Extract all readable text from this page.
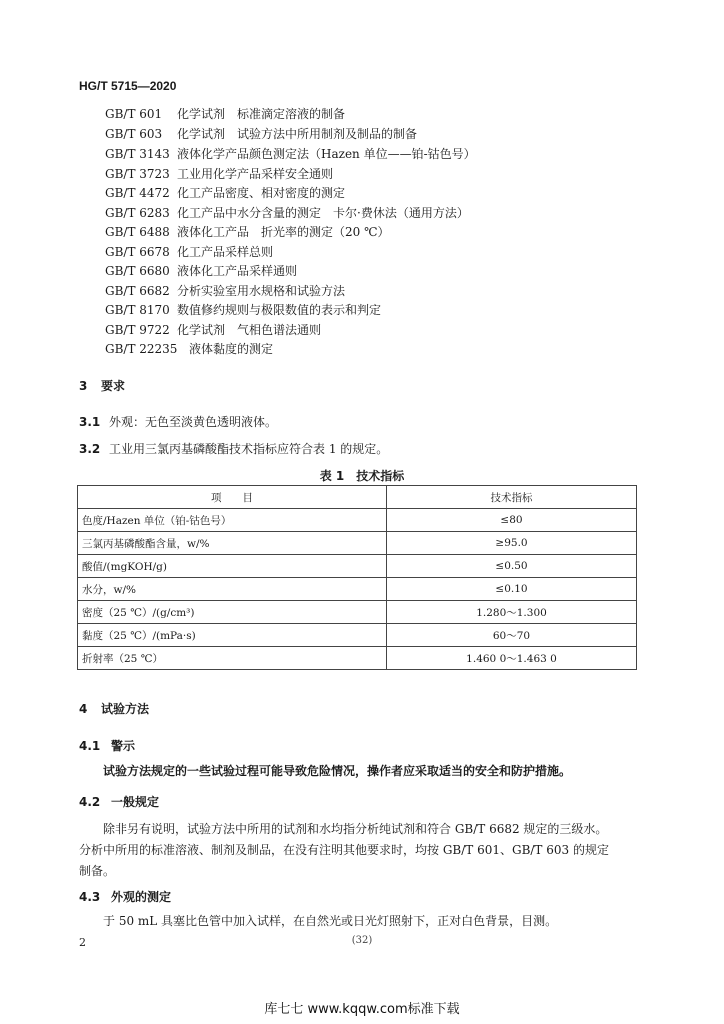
HG/T 5715—2020
GB/T 601 化学试剂　标准滴定溶液的制备
GB/T 603 化学试剂　试验方法中所用制剂及制品的制备
GB/T 3143 液体化学产品颜色测定法（Hazen 单位——铂-钴色号）
GB/T 3723 工业用化学产品采样安全通则
GB/T 4472 化工产品密度、相对密度的测定
GB/T 6283 化工产品中水分含量的测定　卡尔·费休法（通用方法）
GB/T 6488 液体化工产品　折光率的测定（20 ℃）
GB/T 6678 化工产品采样总则
GB/T 6680 液体化工产品采样通则
GB/T 6682 分析实验室用水规格和试验方法
GB/T 8170 数值修约规则与极限数值的表示和判定
GB/T 9722 化学试剂　气相色谱法通则
GB/T 22235 液体黏度的测定
3 要求
3.1 外观：无色至淡黄色透明液体。
3.2 工业用三氯丙基磷酸酯技术指标应符合表 1 的规定。
表 1　技术指标
项　　目	技术指标
色度/Hazen 单位（铂-钴色号）	≤80
三氯丙基磷酸酯含量，w/%	≥95.0
酸值/(mgKOH/g)	≤0.50
水分，w/%	≤0.10
密度（25 ℃）/(g/cm³)	1.280～1.300
黏度（25 ℃）/(mPa·s)	60～70
折射率（25 ℃）	1.460 0～1.463 0
4 试验方法
4.1 警示
试验方法规定的一些试验过程可能导致危险情况，操作者应采取适当的安全和防护措施。
4.2 一般规定
除非另有说明，试验方法中所用的试剂和水均指分析纯试剂和符合 GB/T 6682 规定的三级水。
分析中所用的标准溶液、制剂及制品，在没有注明其他要求时，均按 GB/T 601、GB/T 603 的规定
制备。
4.3 外观的测定
于 50 mL 具塞比色管中加入试样，在自然光或日光灯照射下，正对白色背景，目测。
2	(32)
库七七 www.kqqw.com标准下载
